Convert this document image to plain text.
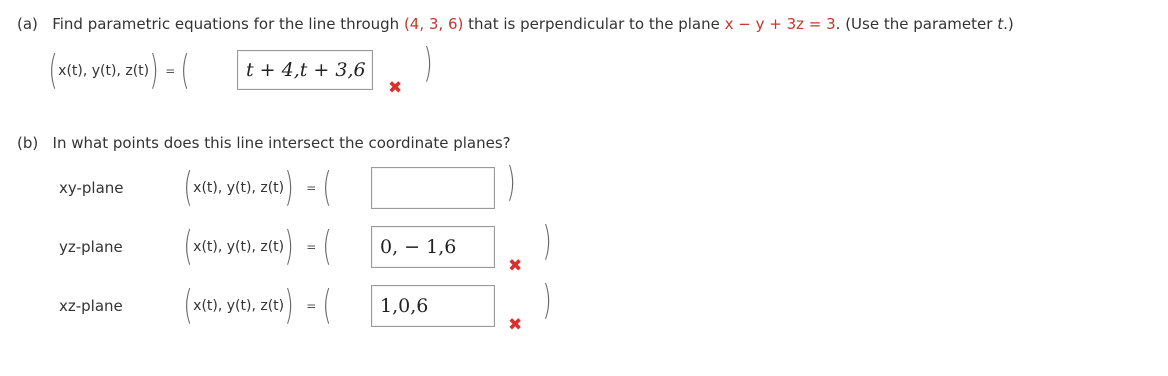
(a) Find parametric equations for the line through (4, 3, 6) that is perpendicular to the plane x − y + 3z = 3. (Use the parameter t.)
( x(t), y(t), z(t) ) = (	t + 4,t + 3,6
✖
)
(b) In what points does this line intersect the coordinate planes?
xy-plane ( x(t), y(t), z(t) ) = (	)
yz-plane ( x(t), y(t), z(t) ) = (	0, − 1,6
✖
)
xz-plane ( x(t), y(t), z(t) ) = (	1,0,6
✖
)
